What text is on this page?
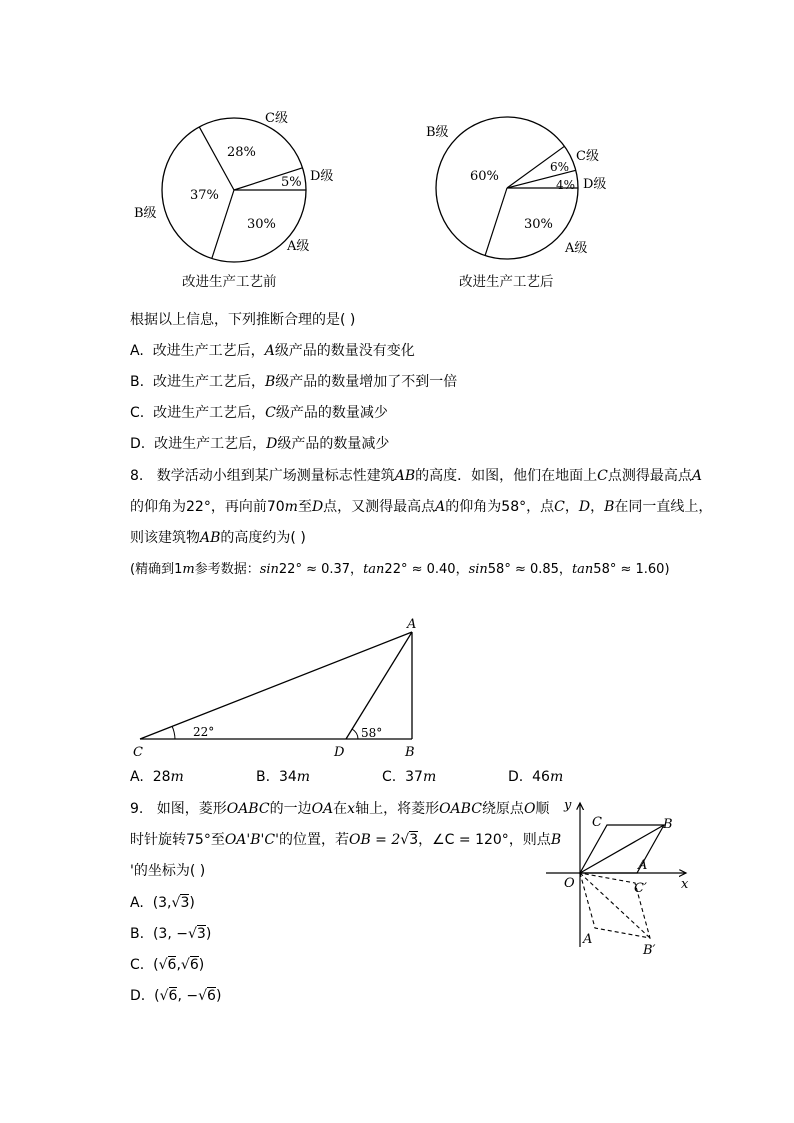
C级
28%
D级
5%
37%
B级
30%
A级
改进生产工艺前
B级
C级
6%
60%
4% D级
30%
A级
改进生产工艺后
根据以上信息，下列推断合理的是( )
A. 改进生产工艺后，A级产品的数量没有变化
B. 改进生产工艺后，B级产品的数量增加了不到一倍
C. 改进生产工艺后，C级产品的数量减少
D. 改进生产工艺后，D级产品的数量减少
8. 数学活动小组到某广场测量标志性建筑AB的高度．如图，他们在地面上C点测得最高点A
的仰角为22°，再向前70m至D点，又测得最高点A的仰角为58°，点C，D，B在同一直线上，
则该建筑物AB的高度约为( )
(精确到1m参考数据：sin22° ≈ 0.37，tan22° ≈ 0.40，sin58° ≈ 0.85，tan58° ≈ 1.60)
A
B
C	D
22°	58°
A. 28m	B. 34m	C. 37m	D. 46m
9. 如图，菱形OABC的一边OA在x轴上，将菱形OABC绕原点O顺
时针旋转75°至OA'B'C'的位置，若OB = 2√3，∠C = 120°，则点B
'的坐标为( )
A. (3,√3)
B. (3, −√3)
C. (√6,√6)
D. (√6, −√6)
y
x
O
A
B
C
A
B′
C′
